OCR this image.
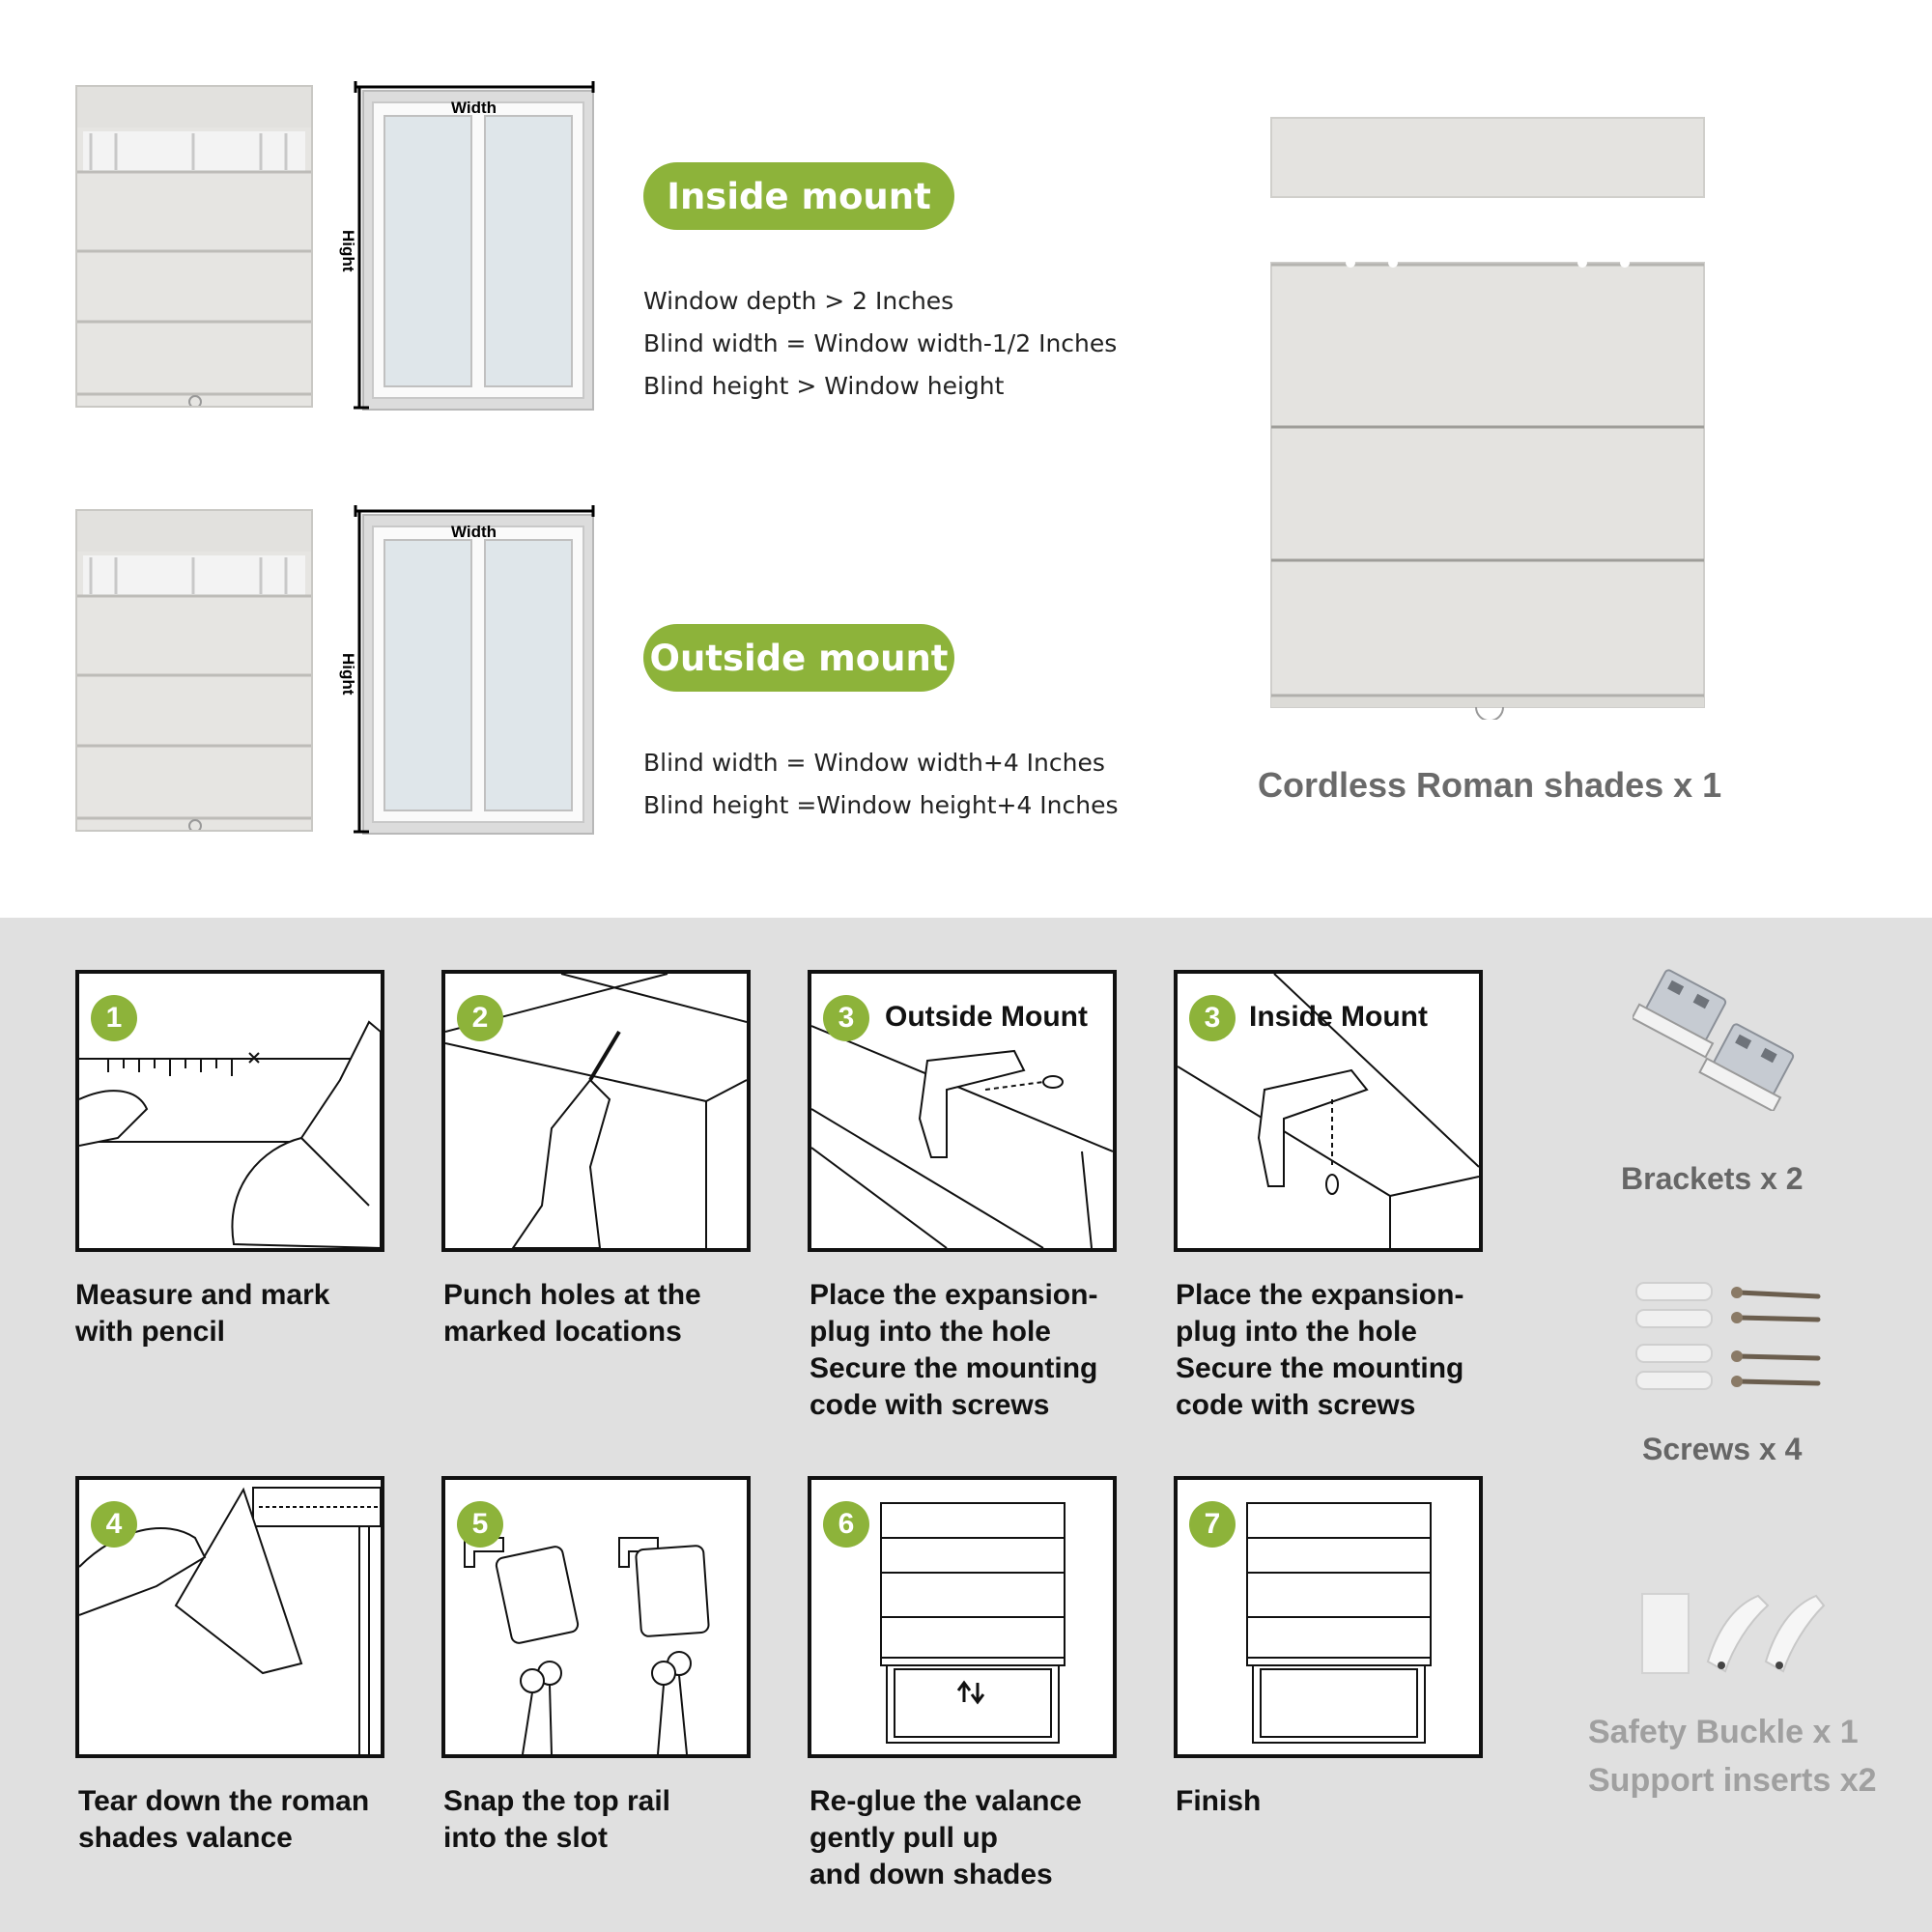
Width
Hight
Inside mount
Window depth > 2 Inches
Blind width = Window width-1/2 Inches
Blind height > Window height
Width
Hight	Outside mount
Blind width = Window width+4 Inches
Blind height =Window height+4 Inches
Cordless Roman shades x 1
1
Measure and mark
with pencil
2
Punch holes at the
marked locations
3	Outside Mount
Place the expansion-
plug into the hole
Secure the mounting
code with screws
3 Inside Mount
Place the expansion-
plug into the hole
Secure the mounting
code with screws
4
Tear down the roman
shades valance
5
Snap the top rail
into the slot
6
Re-glue the valance
gently pull up
and down shades
7
Finish
Brackets x 2
Screws x 4
Safety Buckle x 1
Support inserts x2
